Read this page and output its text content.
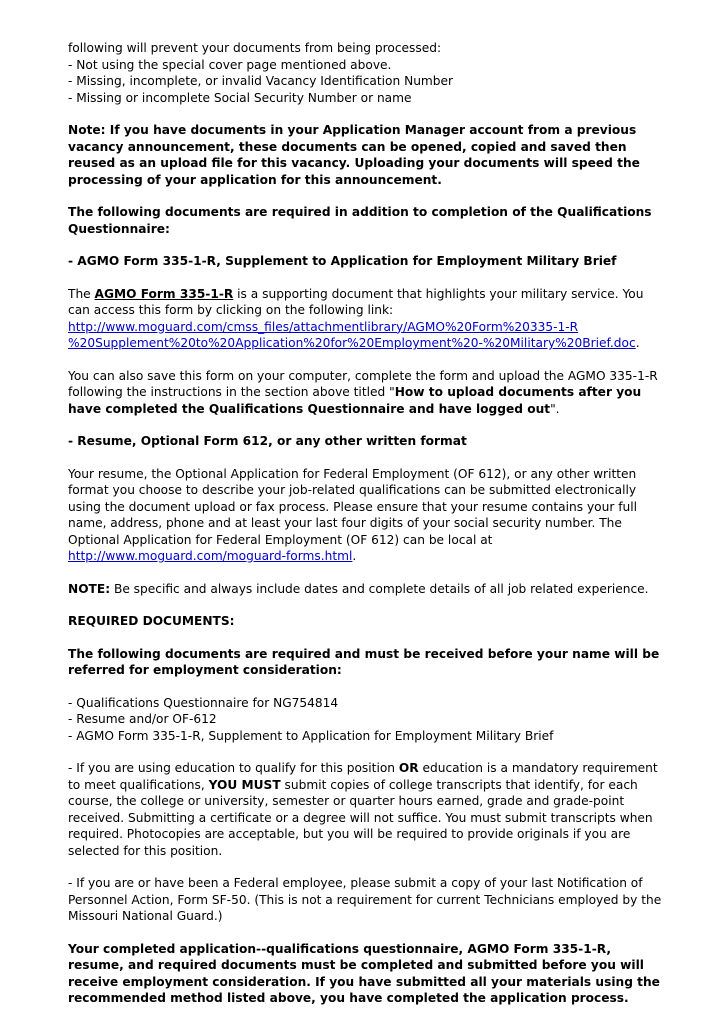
following will prevent your documents from being processed:
- Not using the special cover page mentioned above.
- Missing, incomplete, or invalid Vacancy Identification Number
- Missing or incomplete Social Security Number or name

Note: If you have documents in your Application Manager account from a previous vacancy announcement, these documents can be opened, copied and saved then reused as an upload file for this vacancy. Uploading your documents will speed the processing of your application for this announcement.

The following documents are required in addition to completion of the Qualifications Questionnaire:

- AGMO Form 335-1-R, Supplement to Application for Employment Military Brief

The AGMO Form 335-1-R is a supporting document that highlights your military service. You can access this form by clicking on the following link:
http://www.moguard.com/cmss_files/attachmentlibrary/AGMO%20Form%20335-1-R
%20Supplement%20to%20Application%20for%20Employment%20-%20Military%20Brief.doc.

You can also save this form on your computer, complete the form and upload the AGMO 335-1-R following the instructions in the section above titled "How to upload documents after you have completed the Qualifications Questionnaire and have logged out".

- Resume, Optional Form 612, or any other written format

Your resume, the Optional Application for Federal Employment (OF 612), or any other written format you choose to describe your job-related qualifications can be submitted electronically using the document upload or fax process. Please ensure that your resume contains your full name, address, phone and at least your last four digits of your social security number. The Optional Application for Federal Employment (OF 612) can be local at http://www.moguard.com/moguard-forms.html.

NOTE: Be specific and always include dates and complete details of all job related experience.

REQUIRED DOCUMENTS:

The following documents are required and must be received before your name will be referred for employment consideration:

- Qualifications Questionnaire for NG754814
- Resume and/or OF-612
- AGMO Form 335-1-R, Supplement to Application for Employment Military Brief

- If you are using education to qualify for this position OR education is a mandatory requirement to meet qualifications, YOU MUST submit copies of college transcripts that identify, for each course, the college or university, semester or quarter hours earned, grade and grade-point received. Submitting a certificate or a degree will not suffice. You must submit transcripts when required. Photocopies are acceptable, but you will be required to provide originals if you are selected for this position.

- If you are or have been a Federal employee, please submit a copy of your last Notification of Personnel Action, Form SF-50. (This is not a requirement for current Technicians employed by the Missouri National Guard.)

Your completed application--qualifications questionnaire, AGMO Form 335-1-R, resume, and required documents must be completed and submitted before you will receive employment consideration. If you have submitted all your materials using the recommended method listed above, you have completed the application process.
